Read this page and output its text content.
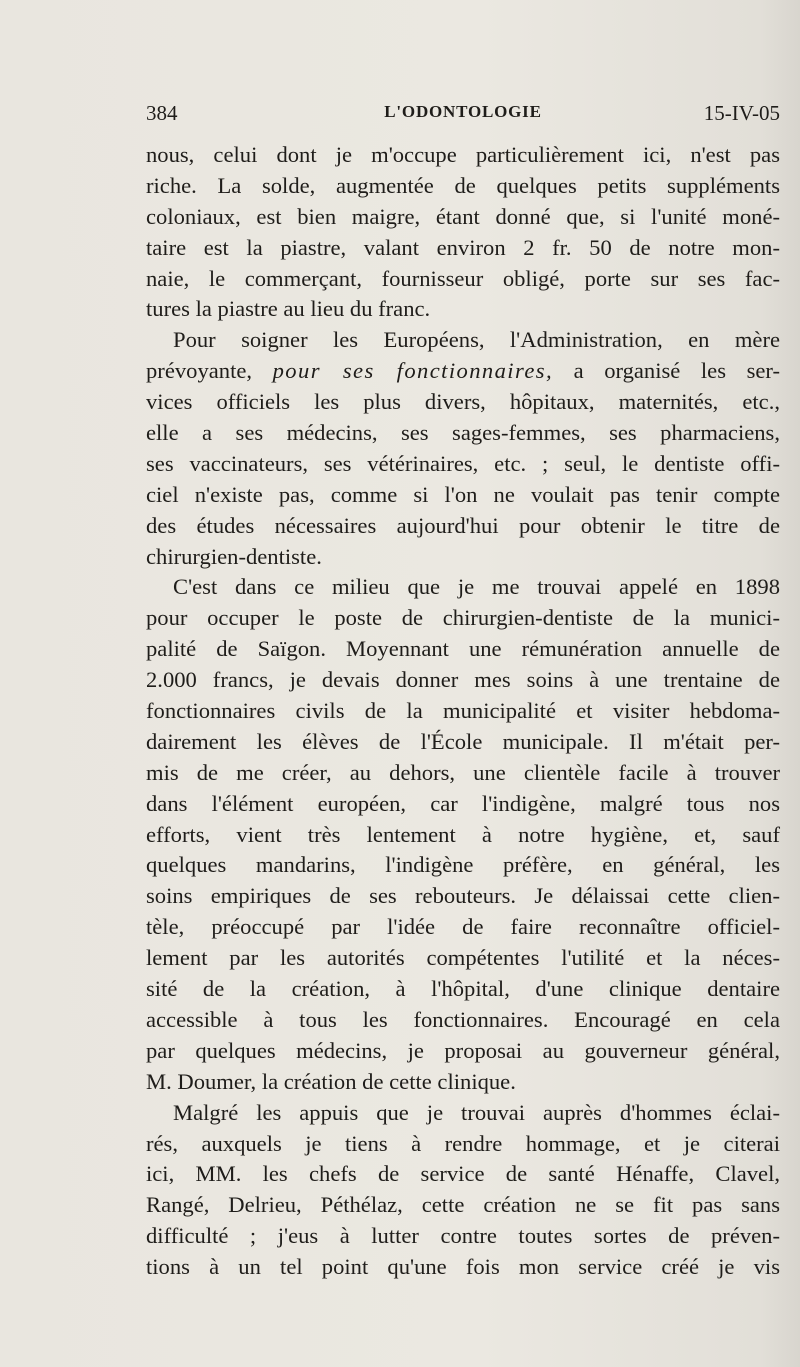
384	L'ODONTOLOGIE	15-IV-05
nous, celui dont je m'occupe particulièrement ici, n'est pas
riche. La solde, augmentée de quelques petits suppléments
coloniaux, est bien maigre, étant donné que, si l'unité moné-
taire est la piastre, valant environ 2 fr. 50 de notre mon-
naie, le commerçant, fournisseur obligé, porte sur ses fac-
tures la piastre au lieu du franc.
Pour soigner les Européens, l'Administration, en mère
prévoyante, pour ses fonctionnaires, a organisé les ser-
vices officiels les plus divers, hôpitaux, maternités, etc.,
elle a ses médecins, ses sages-femmes, ses pharmaciens,
ses vaccinateurs, ses vétérinaires, etc. ; seul, le dentiste offi-
ciel n'existe pas, comme si l'on ne voulait pas tenir compte
des études nécessaires aujourd'hui pour obtenir le titre de
chirurgien-dentiste.
C'est dans ce milieu que je me trouvai appelé en 1898
pour occuper le poste de chirurgien-dentiste de la munici-
palité de Saïgon. Moyennant une rémunération annuelle de
2.000 francs, je devais donner mes soins à une trentaine de
fonctionnaires civils de la municipalité et visiter hebdoma-
dairement les élèves de l'École municipale. Il m'était per-
mis de me créer, au dehors, une clientèle facile à trouver
dans l'élément européen, car l'indigène, malgré tous nos
efforts, vient très lentement à notre hygiène, et, sauf
quelques mandarins, l'indigène préfère, en général, les
soins empiriques de ses rebouteurs. Je délaissai cette clien-
tèle, préoccupé par l'idée de faire reconnaître officiel-
lement par les autorités compétentes l'utilité et la néces-
sité de la création, à l'hôpital, d'une clinique dentaire
accessible à tous les fonctionnaires. Encouragé en cela
par quelques médecins, je proposai au gouverneur général,
M. Doumer, la création de cette clinique.
Malgré les appuis que je trouvai auprès d'hommes éclai-
rés, auxquels je tiens à rendre hommage, et je citerai
ici, MM. les chefs de service de santé Hénaffe, Clavel,
Rangé, Delrieu, Péthélaz, cette création ne se fit pas sans
difficulté ; j'eus à lutter contre toutes sortes de préven-
tions à un tel point qu'une fois mon service créé je vis
